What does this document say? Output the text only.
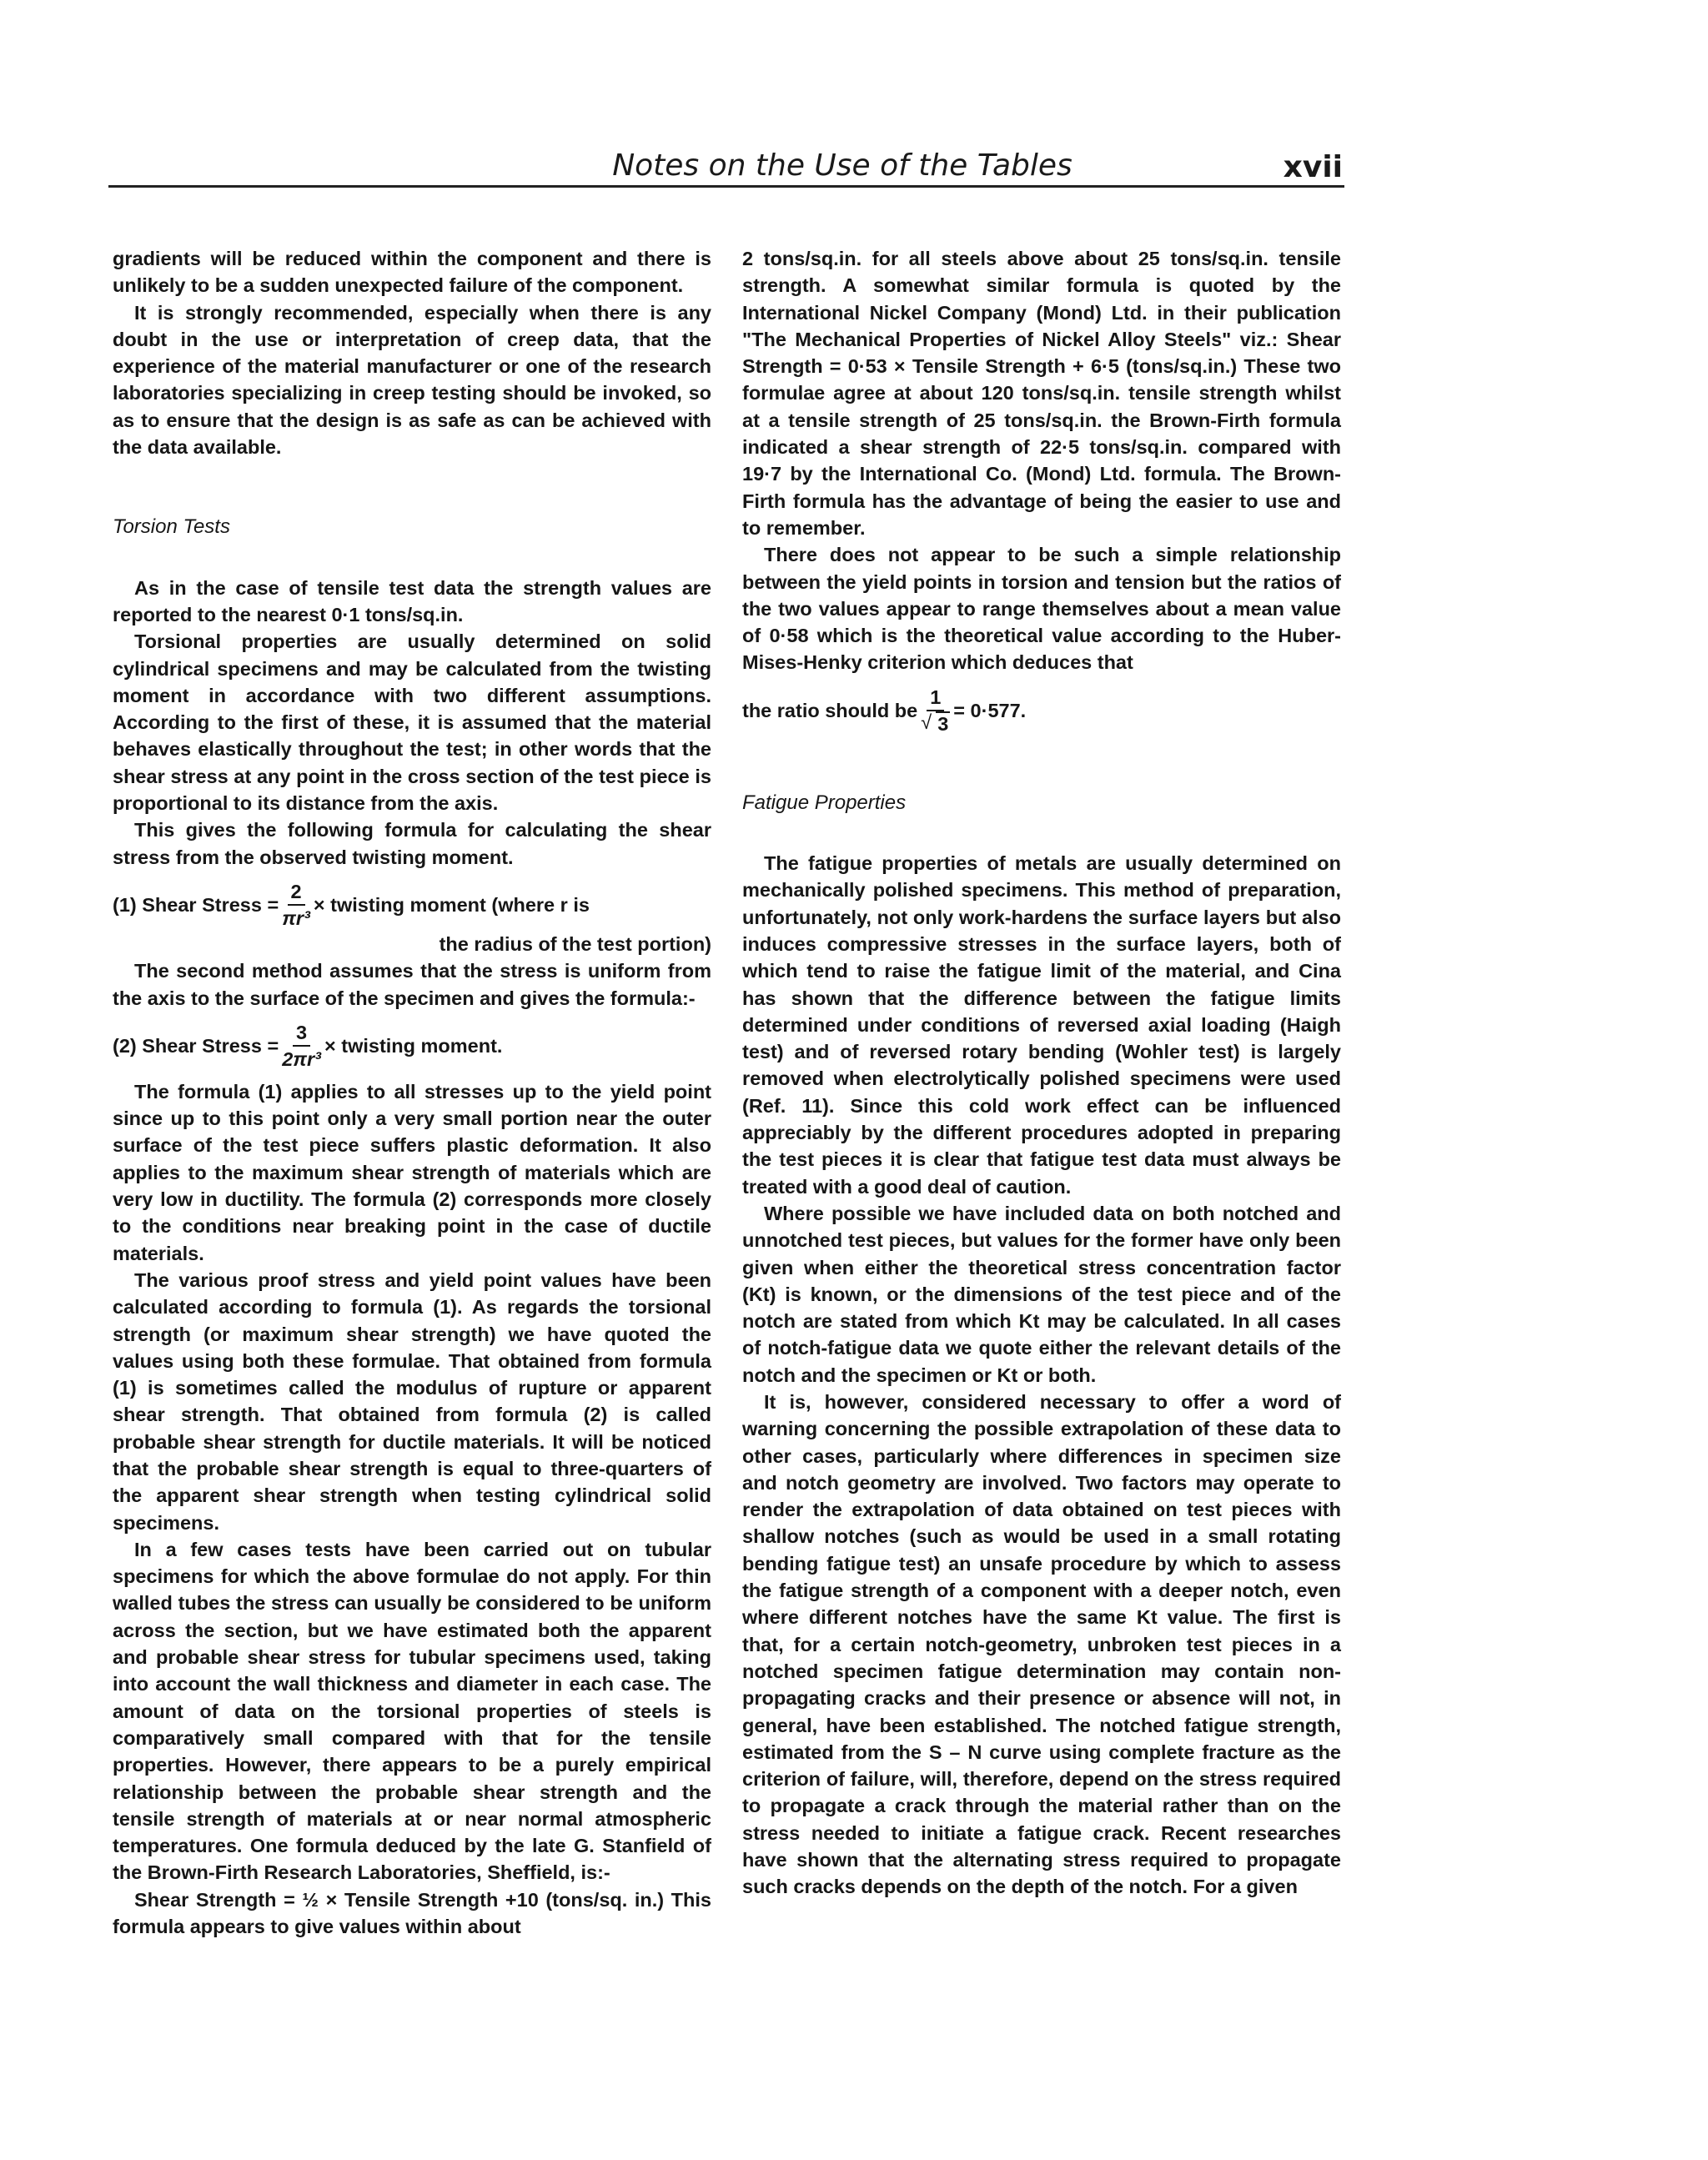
Notes on the Use of the Tables	xvii

gradients will be reduced within the component and there is unlikely to be a sudden unexpected failure of the component.

It is strongly recommended, especially when there is any doubt in the use or interpretation of creep data, that the experience of the material manufacturer or one of the research laboratories specializing in creep testing should be invoked, so as to ensure that the design is as safe as can be achieved with the data available.

Torsion Tests

As in the case of tensile test data the strength values are reported to the nearest 0·1 tons/sq.in.

Torsional properties are usually determined on solid cylindrical specimens and may be calculated from the twisting moment in accordance with two different assumptions. According to the first of these, it is assumed that the material behaves elastically throughout the test; in other words that the shear stress at any point in the cross section of the test piece is proportional to its distance from the axis.

This gives the following formula for calculating the shear stress from the observed twisting moment.

(1) Shear Stress = $\frac{2}{\text{πr³}}$ × twisting moment (where r is

the radius of the test portion)

The second method assumes that the stress is uniform from the axis to the surface of the specimen and gives the formula:-

(2) Shear Stress = $\frac{3}{\text{2πr³}}$ × twisting moment.

The formula (1) applies to all stresses up to the yield point since up to this point only a very small portion near the outer surface of the test piece suffers plastic deformation. It also applies to the maximum shear strength of materials which are very low in ductility. The formula (2) corresponds more closely to the conditions near breaking point in the case of ductile materials.

The various proof stress and yield point values have been calculated according to formula (1). As regards the torsional strength (or maximum shear strength) we have quoted the values using both these formulae. That obtained from formula (1) is sometimes called the modulus of rupture or apparent shear strength. That obtained from formula (2) is called probable shear strength for ductile materials. It will be noticed that the probable shear strength is equal to three-quarters of the apparent shear strength when testing cylindrical solid specimens.

In a few cases tests have been carried out on tubular specimens for which the above formulae do not apply. For thin walled tubes the stress can usually be considered to be uniform across the section, but we have estimated both the apparent and probable shear stress for tubular specimens used, taking into account the wall thickness and diameter in each case. The amount of data on the torsional properties of steels is comparatively small compared with that for the tensile properties. However, there appears to be a purely empirical relationship between the probable shear strength and the tensile strength of materials at or near normal atmospheric temperatures. One formula deduced by the late G. Stanfield of the Brown-Firth Research Laboratories, Sheffield, is:-

Shear Strength = ½ × Tensile Strength +10 (tons/sq. in.) This formula appears to give values within about

2 tons/sq.in. for all steels above about 25 tons/sq.in. tensile strength. A somewhat similar formula is quoted by the International Nickel Company (Mond) Ltd. in their publication "The Mechanical Properties of Nickel Alloy Steels" viz.: Shear Strength = 0·53 × Tensile Strength + 6·5 (tons/sq.in.) These two formulae agree at about 120 tons/sq.in. tensile strength whilst at a tensile strength of 25 tons/sq.in. the Brown-Firth formula indicated a shear strength of 22·5 tons/sq.in. compared with 19·7 by the International Co. (Mond) Ltd. formula. The Brown-Firth formula has the advantage of being the easier to use and to remember.

There does not appear to be such a simple relationship between the yield points in torsion and tension but the ratios of the two values appear to range themselves about a mean value of 0·58 which is the theoretical value according to the Huber-Mises-Henky criterion which deduces that

the ratio should be 1
√ 3 = 0·577.

Fatigue Properties

The fatigue properties of metals are usually determined on mechanically polished specimens. This method of preparation, unfortunately, not only work-hardens the surface layers but also induces compressive stresses in the surface layers, both of which tend to raise the fatigue limit of the material, and Cina has shown that the difference between the fatigue limits determined under conditions of reversed axial loading (Haigh test) and of reversed rotary bending (Wohler test) is largely removed when electrolytically polished specimens were used (Ref. 11). Since this cold work effect can be influenced appreciably by the different procedures adopted in preparing the test pieces it is clear that fatigue test data must always be treated with a good deal of caution.

Where possible we have included data on both notched and unnotched test pieces, but values for the former have only been given when either the theoretical stress concentration factor (Kt) is known, or the dimensions of the test piece and of the notch are stated from which Kt may be calculated. In all cases of notch-fatigue data we quote either the relevant details of the notch and the specimen or Kt or both.

It is, however, considered necessary to offer a word of warning concerning the possible extrapolation of these data to other cases, particularly where differences in specimen size and notch geometry are involved. Two factors may operate to render the extrapolation of data obtained on test pieces with shallow notches (such as would be used in a small rotating bending fatigue test) an unsafe procedure by which to assess the fatigue strength of a component with a deeper notch, even where different notches have the same Kt value. The first is that, for a certain notch-geometry, unbroken test pieces in a notched specimen fatigue determination may contain non-propagating cracks and their presence or absence will not, in general, have been established. The notched fatigue strength, estimated from the S – N curve using complete fracture as the criterion of failure, will, therefore, depend on the stress required to propagate a crack through the material rather than on the stress needed to initiate a fatigue crack. Recent researches have shown that the alternating stress required to propagate such cracks depends on the depth of the notch. For a given
